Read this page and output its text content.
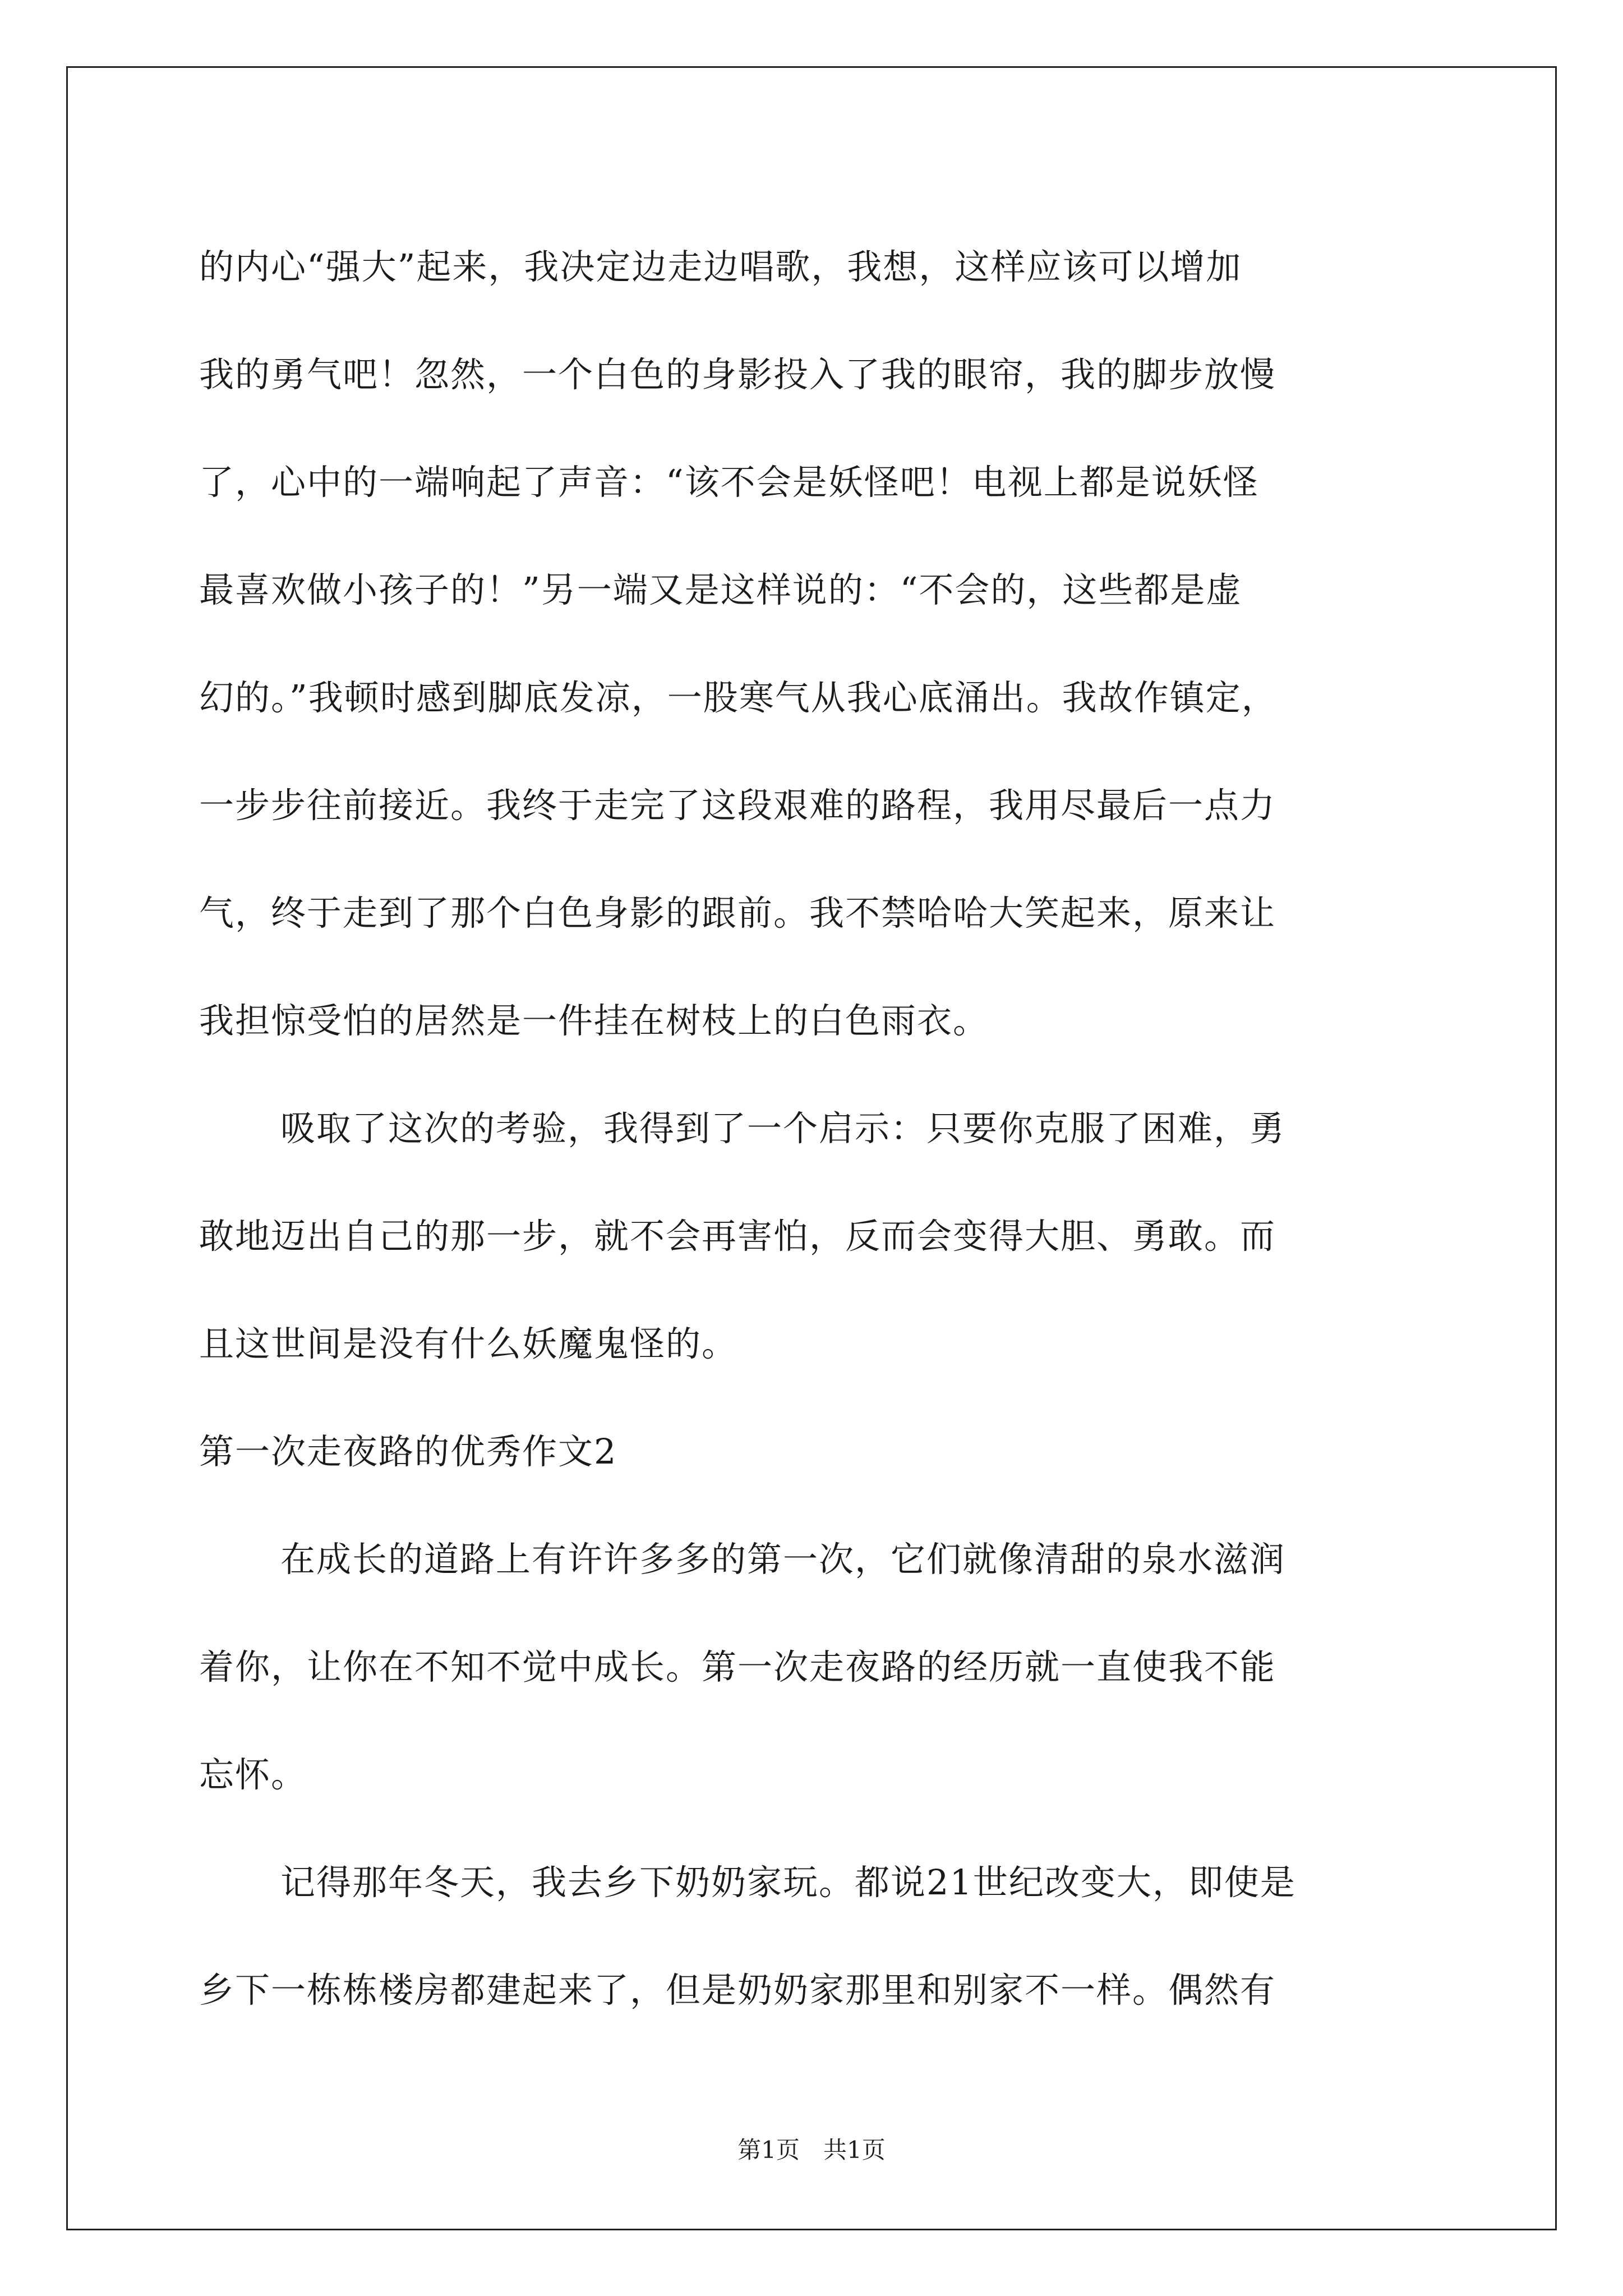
的内心“强大”起来，我决定边走边唱歌，我想，这样应该可以增加
我的勇气吧！忽然，一个白色的身影投入了我的眼帘，我的脚步放慢
了，心中的一端响起了声音：“该不会是妖怪吧！电视上都是说妖怪
最喜欢做小孩子的！”另一端又是这样说的：“不会的，这些都是虚
幻的。”我顿时感到脚底发凉，一股寒气从我心底涌出。我故作镇定，
一步步往前接近。我终于走完了这段艰难的路程，我用尽最后一点力
气，终于走到了那个白色身影的跟前。我不禁哈哈大笑起来，原来让
我担惊受怕的居然是一件挂在树枝上的白色雨衣。
吸取了这次的考验，我得到了一个启示：只要你克服了困难，勇
敢地迈出自己的那一步，就不会再害怕，反而会变得大胆、勇敢。而
且这世间是没有什么妖魔鬼怪的。
第一次走夜路的优秀作文2
在成长的道路上有许许多多的第一次，它们就像清甜的泉水滋润
着你，让你在不知不觉中成长。第一次走夜路的经历就一直使我不能
忘怀。
记得那年冬天，我去乡下奶奶家玩。都说21世纪改变大，即使是
乡下一栋栋楼房都建起来了，但是奶奶家那里和别家不一样。偶然有
第1页　共1页
